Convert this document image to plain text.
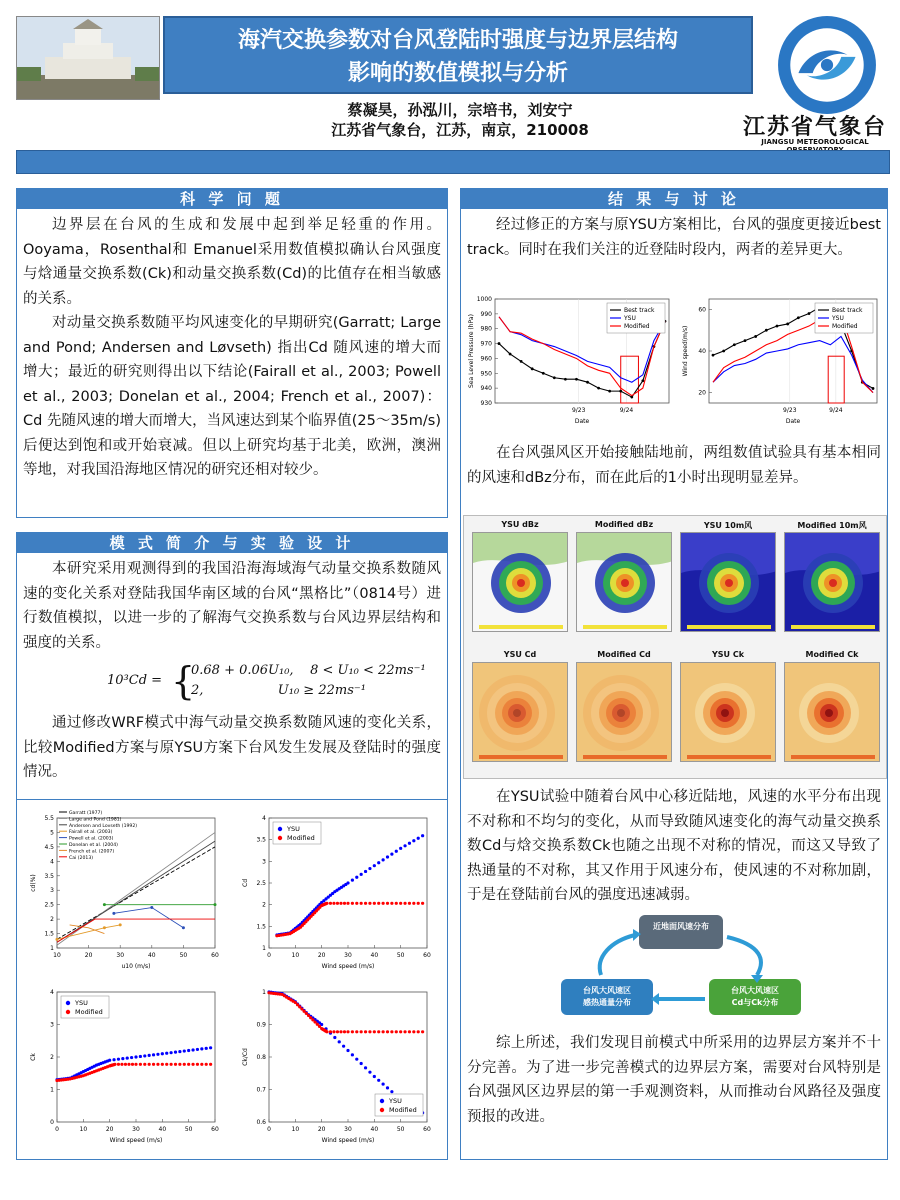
海汽交换参数对台风登陆时强度与边界层结构
影响的数值模拟与分析
蔡凝昊，孙泓川，宗培书，刘安宁
江苏省气象台，江苏，南京，210008	江苏省气象台
JIANGSU METEOROLOGICAL
科 学 问 题

边界层在台风的生成和发展中起到举足轻重的作用。Ooyama，Rosenthal和 Emanuel采用数值模拟确认台风强度与焓通量交换系数(Ck)和动量交换系数(Cd)的比值存在相当敏感的关系。

对动量交换系数随平均风速变化的早期研究(Garratt; Large and Pond; Andersen and Løvseth) 指出Cd 随风速的增大而增大；最近的研究则得出以下结论(Fairall et al., 2003; Powell et al., 2003; Donelan et al., 2004; French et al., 2007)：Cd 先随风速的增大而增大，当风速达到某个临界值(25～35m/s)后便达到饱和或开始衰减。但以上研究均基于北美，欧洲，澳洲等地，对我国沿海地区情况的研究还相对较少。

模 式 简 介 与 实 验 设 计

本研究采用观测得到的我国沿海海域海气动量交换系数随风速的变化关系对登陆我国华南区域的台风“黑格比”（0814号）进行数值模拟，以进一步的了解海气交换系数与台风边界层结构和强度的关系。

10³Cd = {
0.68 + 0.06U₁₀,    8 < U₁₀ < 22ms⁻¹
2,                  U₁₀ ≥ 22ms⁻¹

通过修改WRF模式中海气动量交换系数随风速的变化关系，比较Modified方案与原YSU方案下台风发生发展及登陆时的强度情况。

1
1.5
2
2.5
3
3.5
4
4.5
5
5.5
cd(%)
u10 (m/s)
10	20	30	40	50	60
Garratt (1977)
Large and Pond (1981)
Andersen and Lovseth (1992)
Fairall et al. (2003)
Powell et al. (2003)
Donelan et al. (2004)
French et al. (2007)
Cai (2013)
1
1.5
2
2.5
3
3.5
4
Cd
Wind speed (m/s)
0	10	20	30	40	50	60
YSU
Modified
0
1
2
3
4
Ck
Wind speed (m/s)
0	10	20	30	40	50	60
YSU
Modified
0.6
0.7
0.8
0.9
1
Ck/Cd
Wind speed (m/s)
0	10	20	30	40	50	60
YSU
Modified
结 果 与 讨 论

经过修正的方案与原YSU方案相比，台风的强度更接近best track。同时在我们关注的近登陆时段内，两者的差异更大。

930
940
950
960
970
980
990
1000
Sea Level Pressure (hPa)
Date
9/23	9/24
Best track
YSU
Modified
20
40
60
Wind speed(m/s)
Date
9/23	9/24
Best track
YSU
Modified

在台风强风区开始接触陆地前，两组数值试验具有基本相同的风速和dBz分布，而在此后的1小时出现明显差异。

YSU dBz	Modified dBz	YSU 10m风	Modified 10m风
YSU Cd	Modified Cd	YSU Ck	Modified Ck

在YSU试验中随着台风中心移近陆地，风速的水平分布出现不对称和不均匀的变化，从而导致随风速变化的海气动量交换系数Cd与焓交换系数Ck也随之出现不对称的情况，而这又导致了热通量的不对称，其又作用于风速分布，使风速的不对称加剧，于是在登陆前台风的强度迅速减弱。

近地面风速分布
台风大风速区
感热通量分布
台风大风速区
Cd与Ck分布

综上所述，我们发现目前模式中所采用的边界层方案并不十分完善。为了进一步完善模式的边界层方案，需要对台风特别是台风强风区边界层的第一手观测资料，从而推动台风路径及强度预报的改进。
